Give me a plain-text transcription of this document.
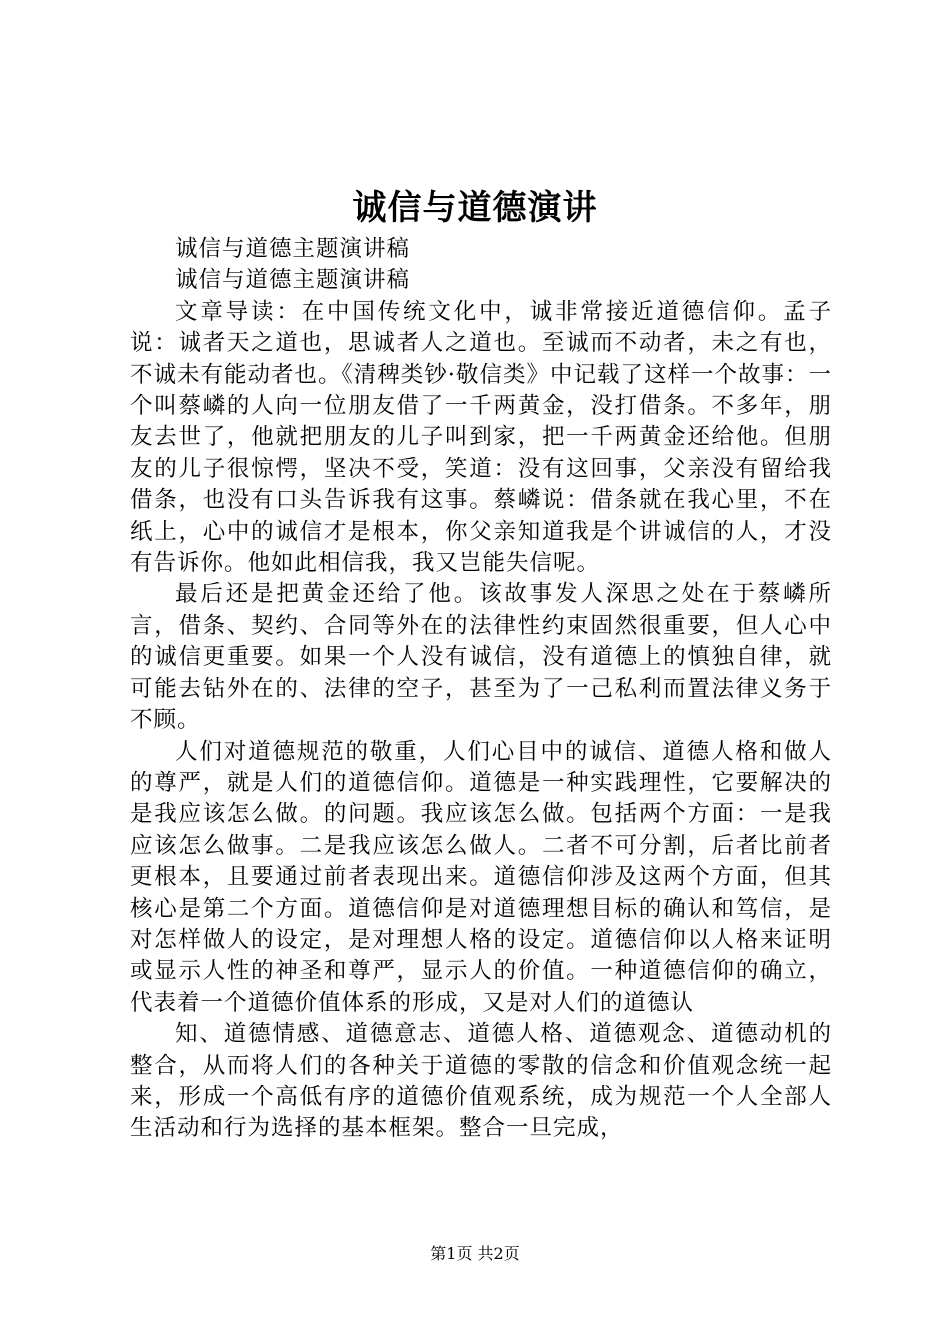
诚信与道德演讲

诚信与道德主题演讲稿

诚信与道德主题演讲稿

文章导读：在中国传统文化中，诚非常接近道德信仰。孟子说：诚者天之道也，思诚者人之道也。至诚而不动者，未之有也，不诚未有能动者也。《清稗类钞·敬信类》中记载了这样一个故事：一个叫蔡嶙的人向一位朋友借了一千两黄金，没打借条。不多年，朋友去世了，他就把朋友的儿子叫到家，把一千两黄金还给他。但朋友的儿子很惊愕，坚决不受，笑道：没有这回事，父亲没有留给我借条，也没有口头告诉我有这事。蔡嶙说：借条就在我心里，不在纸上，心中的诚信才是根本，你父亲知道我是个讲诚信的人，才没有告诉你。他如此相信我，我又岂能失信呢。

最后还是把黄金还给了他。该故事发人深思之处在于蔡嶙所言，借条、契约、合同等外在的法律性约束固然很重要，但人心中的诚信更重要。如果一个人没有诚信，没有道德上的慎独自律，就可能去钻外在的、法律的空子，甚至为了一己私利而置法律义务于不顾。

人们对道德规范的敬重，人们心目中的诚信、道德人格和做人的尊严，就是人们的道德信仰。道德是一种实践理性，它要解决的是我应该怎么做。的问题。我应该怎么做。包括两个方面：一是我应该怎么做事。二是我应该怎么做人。二者不可分割，后者比前者更根本，且要通过前者表现出来。道德信仰涉及这两个方面，但其核心是第二个方面。道德信仰是对道德理想目标的确认和笃信，是对怎样做人的设定，是对理想人格的设定。道德信仰以人格来证明或显示人性的神圣和尊严，显示人的价值。一种道德信仰的确立，代表着一个道德价值体系的形成，又是对人们的道德认

知、道德情感、道德意志、道德人格、道德观念、道德动机的整合，从而将人们的各种关于道德的零散的信念和价值观念统一起来，形成一个高低有序的道德价值观系统，成为规范一个人全部人生活动和行为选择的基本框架。整合一旦完成，

第1页 共2页
